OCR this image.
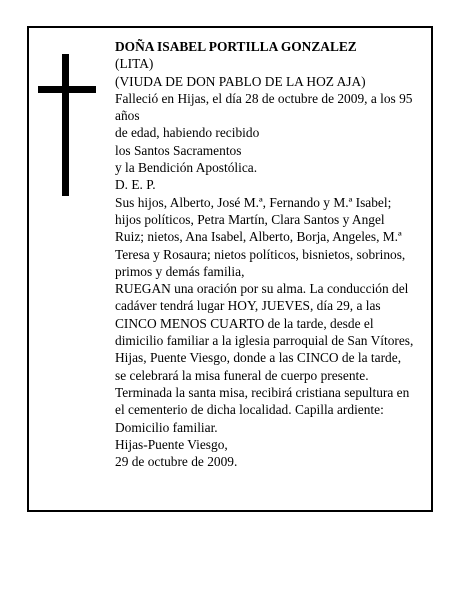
DOÑA ISABEL PORTILLA GONZALEZ
(LITA)
(VIUDA DE DON PABLO DE LA HOZ AJA)
Falleció en Hijas, el día 28 de octubre de 2009, a los 95
años
de edad, habiendo recibido
los Santos Sacramentos
y la Bendición Apostólica.
D. E. P.
Sus hijos, Alberto, José M.ª, Fernando y M.ª Isabel;
hijos políticos, Petra Martín, Clara Santos y Angel
Ruiz; nietos, Ana Isabel, Alberto, Borja, Angeles, M.ª
Teresa y Rosaura; nietos políticos, bisnietos, sobrinos,
primos y demás familia,
RUEGAN una oración por su alma. La conducción del
cadáver tendrá lugar HOY, JUEVES, día 29, a las
CINCO MENOS CUARTO de la tarde, desde el
dimicilio familiar a la iglesia parroquial de San Vítores,
Hijas, Puente Viesgo, donde a las CINCO de la tarde,
se celebrará la misa funeral de cuerpo presente.
Terminada la santa misa, recibirá cristiana sepultura en
el cementerio de dicha localidad. Capilla ardiente:
Domicilio familiar.
Hijas-Puente Viesgo,
29 de octubre de 2009.
